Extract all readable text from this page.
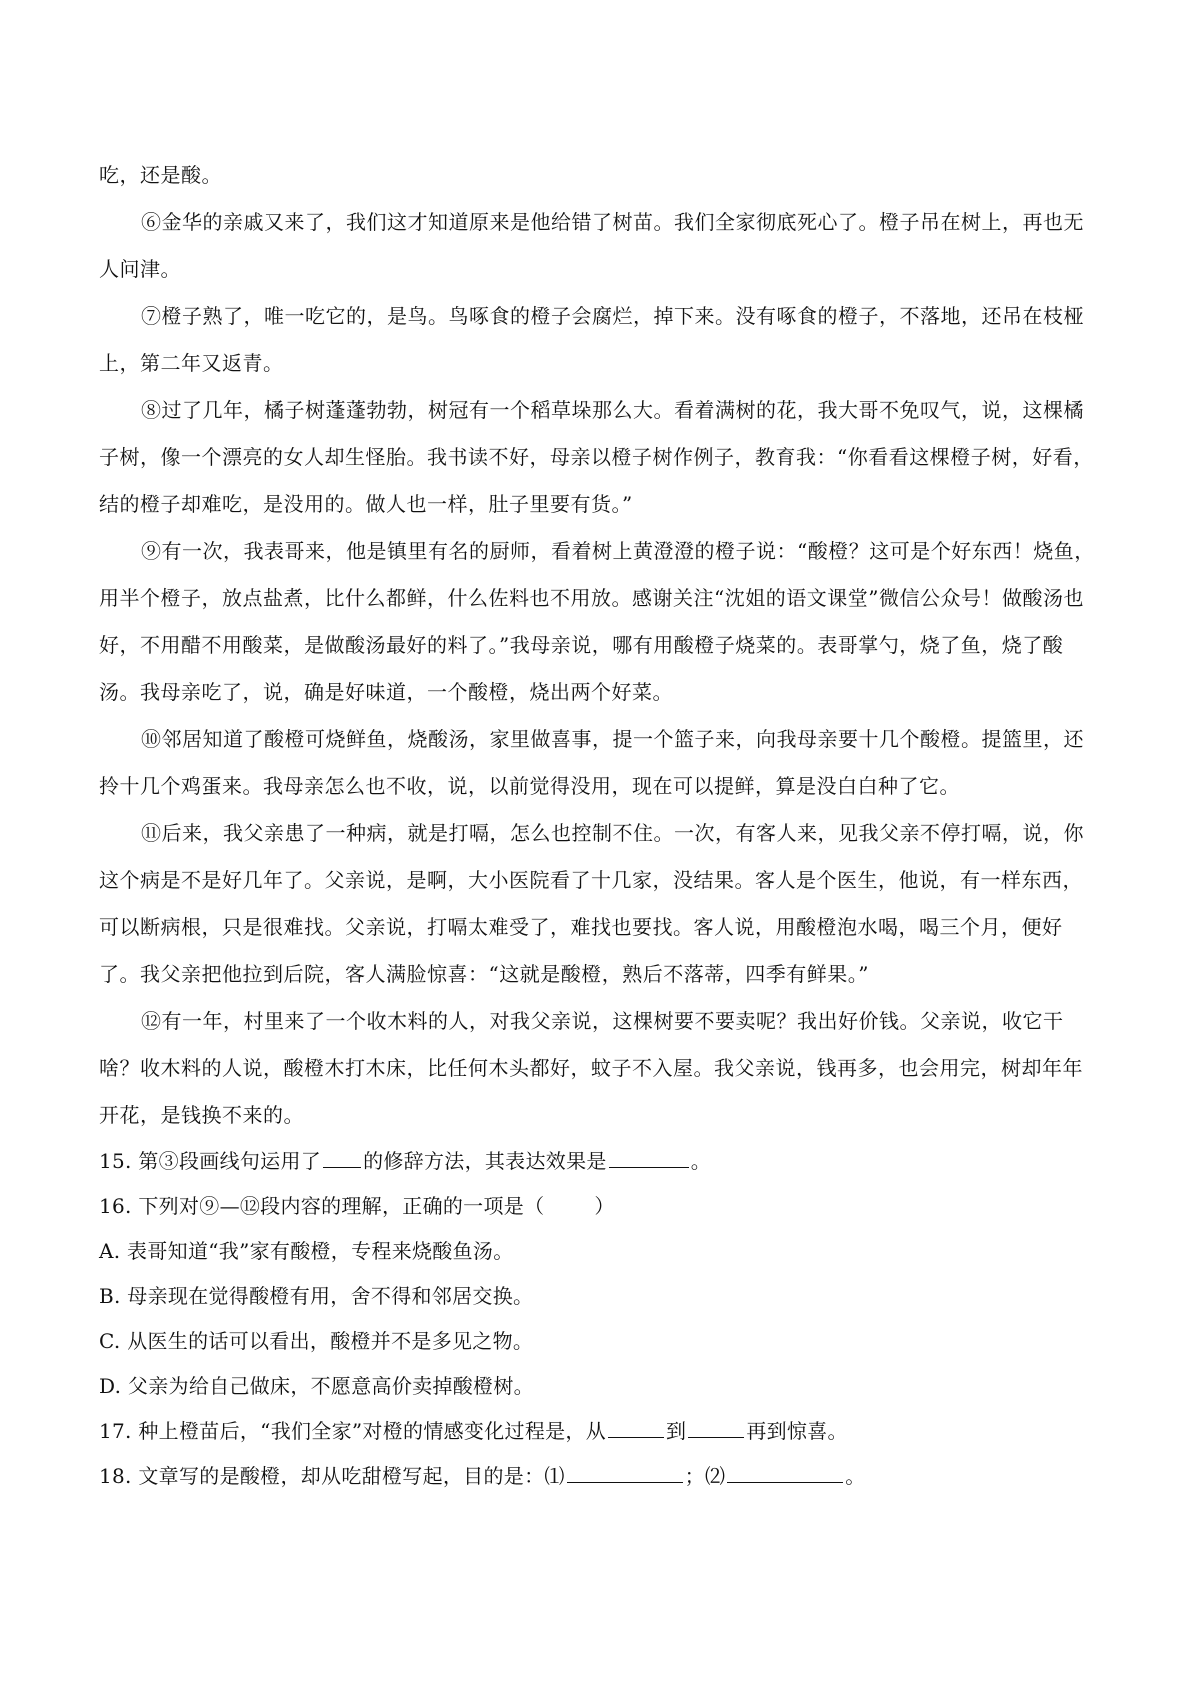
吃，还是酸。

⑥金华的亲戚又来了，我们这才知道原来是他给错了树苗。我们全家彻底死心了。橙子吊在树上，再也无人问津。

⑦橙子熟了，唯一吃它的，是鸟。鸟啄食的橙子会腐烂，掉下来。没有啄食的橙子，不落地，还吊在枝桠上，第二年又返青。

⑧过了几年，橘子树蓬蓬勃勃，树冠有一个稻草垛那么大。看着满树的花，我大哥不免叹气，说，这棵橘子树，像一个漂亮的女人却生怪胎。我书读不好，母亲以橙子树作例子，教育我：“你看看这棵橙子树，好看，结的橙子却难吃，是没用的。做人也一样，肚子里要有货。”

⑨有一次，我表哥来，他是镇里有名的厨师，看着树上黄澄澄的橙子说：“酸橙？这可是个好东西！烧鱼，用半个橙子，放点盐煮，比什么都鲜，什么佐料也不用放。感谢关注“沈姐的语文课堂”微信公众号！做酸汤也好，不用醋不用酸菜，是做酸汤最好的料了。”我母亲说，哪有用酸橙子烧菜的。表哥掌勺，烧了鱼，烧了酸汤。我母亲吃了，说，确是好味道，一个酸橙，烧出两个好菜。

⑩邻居知道了酸橙可烧鲜鱼，烧酸汤，家里做喜事，提一个篮子来，向我母亲要十几个酸橙。提篮里，还拎十几个鸡蛋来。我母亲怎么也不收，说，以前觉得没用，现在可以提鲜，算是没白白种了它。

⑪后来，我父亲患了一种病，就是打嗝，怎么也控制不住。一次，有客人来，见我父亲不停打嗝，说，你这个病是不是好几年了。父亲说，是啊，大小医院看了十几家，没结果。客人是个医生，他说，有一样东西，可以断病根，只是很难找。父亲说，打嗝太难受了，难找也要找。客人说，用酸橙泡水喝，喝三个月，便好了。我父亲把他拉到后院，客人满脸惊喜：“这就是酸橙，熟后不落蒂，四季有鲜果。”

⑫有一年，村里来了一个收木料的人，对我父亲说，这棵树要不要卖呢？我出好价钱。父亲说，收它干啥？收木料的人说，酸橙木打木床，比任何木头都好，蚊子不入屋。我父亲说，钱再多，也会用完，树却年年开花，是钱换不来的。

15. 第③段画线句运用了 的修辞方法，其表达效果是	。

16. 下列对⑨—⑫段内容的理解，正确的一项是（	）

A. 表哥知道“我”家有酸橙，专程来烧酸鱼汤。

B. 母亲现在觉得酸橙有用，舍不得和邻居交换。

C. 从医生的话可以看出，酸橙并不是多见之物。

D. 父亲为给自己做床，不愿意高价卖掉酸橙树。

17. 种上橙苗后，“我们全家”对橙的情感变化过程是，从	到	再到惊喜。

18. 文章写的是酸橙，却从吃甜橙写起，目的是：⑴	；⑵	。
